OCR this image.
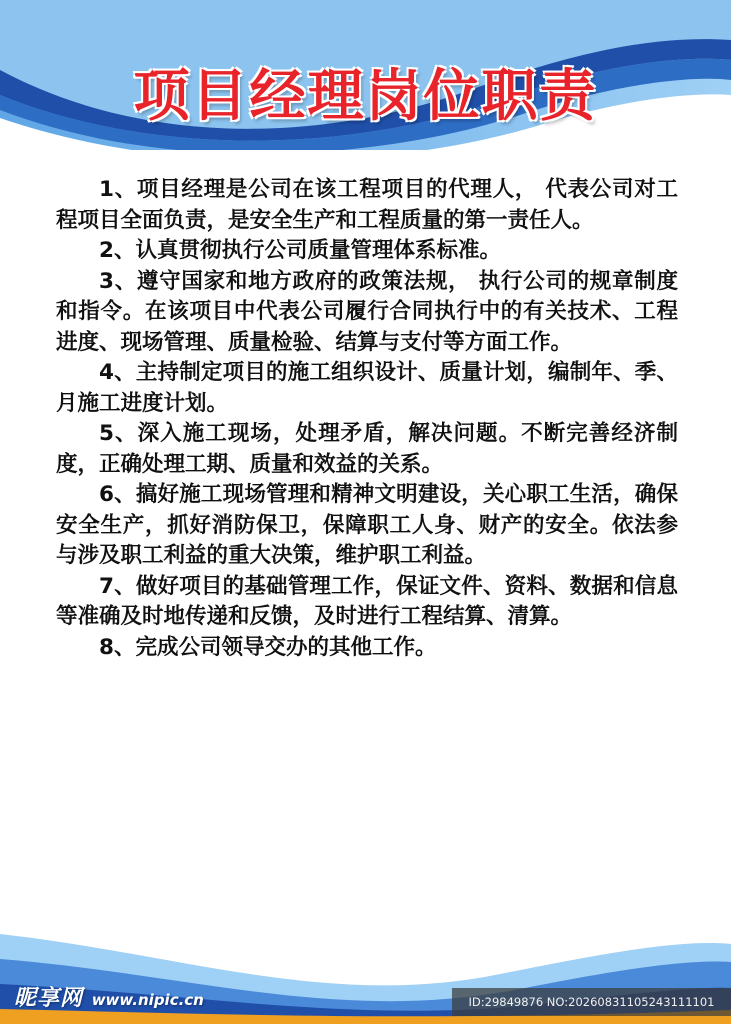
项目经理岗位职责

1、项目经理是公司在该工程项目的代理人， 代表公司对工程项目全面负责，是安全生产和工程质量的第一责任人。

2、认真贯彻执行公司质量管理体系标准。

3、遵守国家和地方政府的政策法规， 执行公司的规章制度和指令。在该项目中代表公司履行合同执行中的有关技术、工程进度、现场管理、质量检验、结算与支付等方面工作。

4、主持制定项目的施工组织设计、质量计划，编制年、季、月施工进度计划。

5、深入施工现场，处理矛盾，解决问题。不断完善经济制度，正确处理工期、质量和效益的关系。

6、搞好施工现场管理和精神文明建设，关心职工生活，确保安全生产，抓好消防保卫，保障职工人身、财产的安全。依法参与涉及职工利益的重大决策，维护职工利益。

7、做好项目的基础管理工作，保证文件、资料、数据和信息等准确及时地传递和反馈，及时进行工程结算、清算。

8、完成公司领导交办的其他工作。

昵享网 www.nipic.cn	ID:29849876 NO:20260831105243111101
